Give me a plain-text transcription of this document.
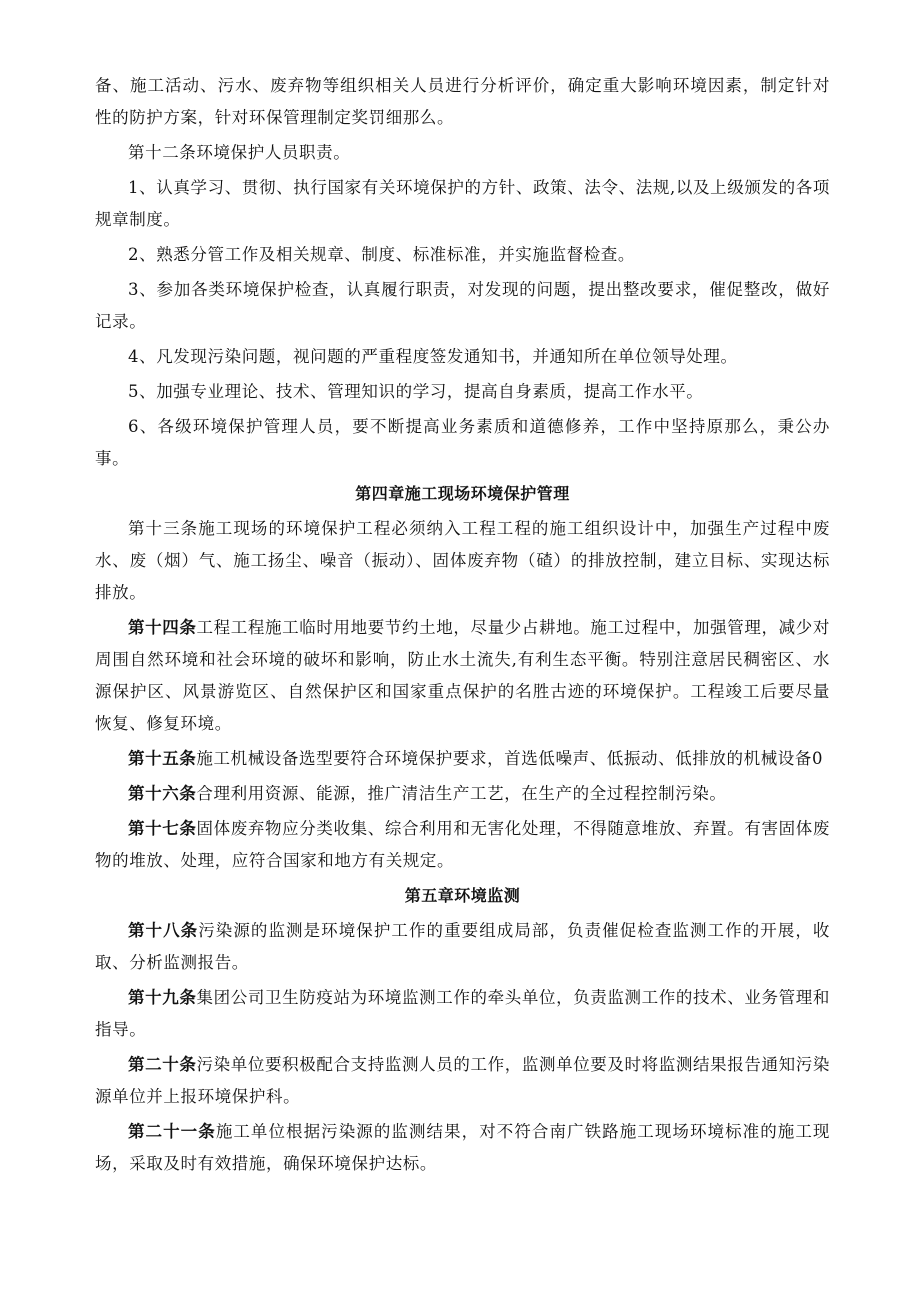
备、施工活动、污水、废弃物等组织相关人员进行分析评价，确定重大影响环境因素，制定针对性的防护方案，针对环保管理制定奖罚细那么。

第十二条环境保护人员职责。

1、认真学习、贯彻、执行国家有关环境保护的方针、政策、法令、法规,以及上级颁发的各项规章制度。

2、熟悉分管工作及相关规章、制度、标准标准，并实施监督检查。

3、参加各类环境保护检查，认真履行职责，对发现的问题，提出整改要求，催促整改，做好记录。

4、凡发现污染问题，视问题的严重程度签发通知书，并通知所在单位领导处理。

5、加强专业理论、技术、管理知识的学习，提高自身素质，提高工作水平。

6、各级环境保护管理人员，要不断提高业务素质和道德修养，工作中坚持原那么，秉公办事。

第四章施工现场环境保护管理

第十三条施工现场的环境保护工程必须纳入工程工程的施工组织设计中，加强生产过程中废水、废（烟）气、施工扬尘、噪音（振动）、固体废弃物（碴）的排放控制，建立目标、实现达标排放。

第十四条工程工程施工临时用地要节约土地，尽量少占耕地。施工过程中，加强管理，减少对周围自然环境和社会环境的破坏和影响，防止水土流失,有利生态平衡。特别注意居民稠密区、水源保护区、风景游览区、自然保护区和国家重点保护的名胜古迹的环境保护。工程竣工后要尽量恢复、修复环境。

第十五条施工机械设备选型要符合环境保护要求，首选低噪声、低振动、低排放的机械设备0

第十六条合理利用资源、能源，推广清洁生产工艺，在生产的全过程控制污染。

第十七条固体废弃物应分类收集、综合利用和无害化处理，不得随意堆放、弃置。有害固体废物的堆放、处理，应符合国家和地方有关规定。

第五章环境监测

第十八条污染源的监测是环境保护工作的重要组成局部，负责催促检查监测工作的开展，收取、分析监测报告。

第十九条集团公司卫生防疫站为环境监测工作的牵头单位，负责监测工作的技术、业务管理和指导。

第二十条污染单位要积极配合支持监测人员的工作，监测单位要及时将监测结果报告通知污染源单位并上报环境保护科。

第二十一条施工单位根据污染源的监测结果，对不符合南广铁路施工现场环境标准的施工现场，采取及时有效措施，确保环境保护达标。
